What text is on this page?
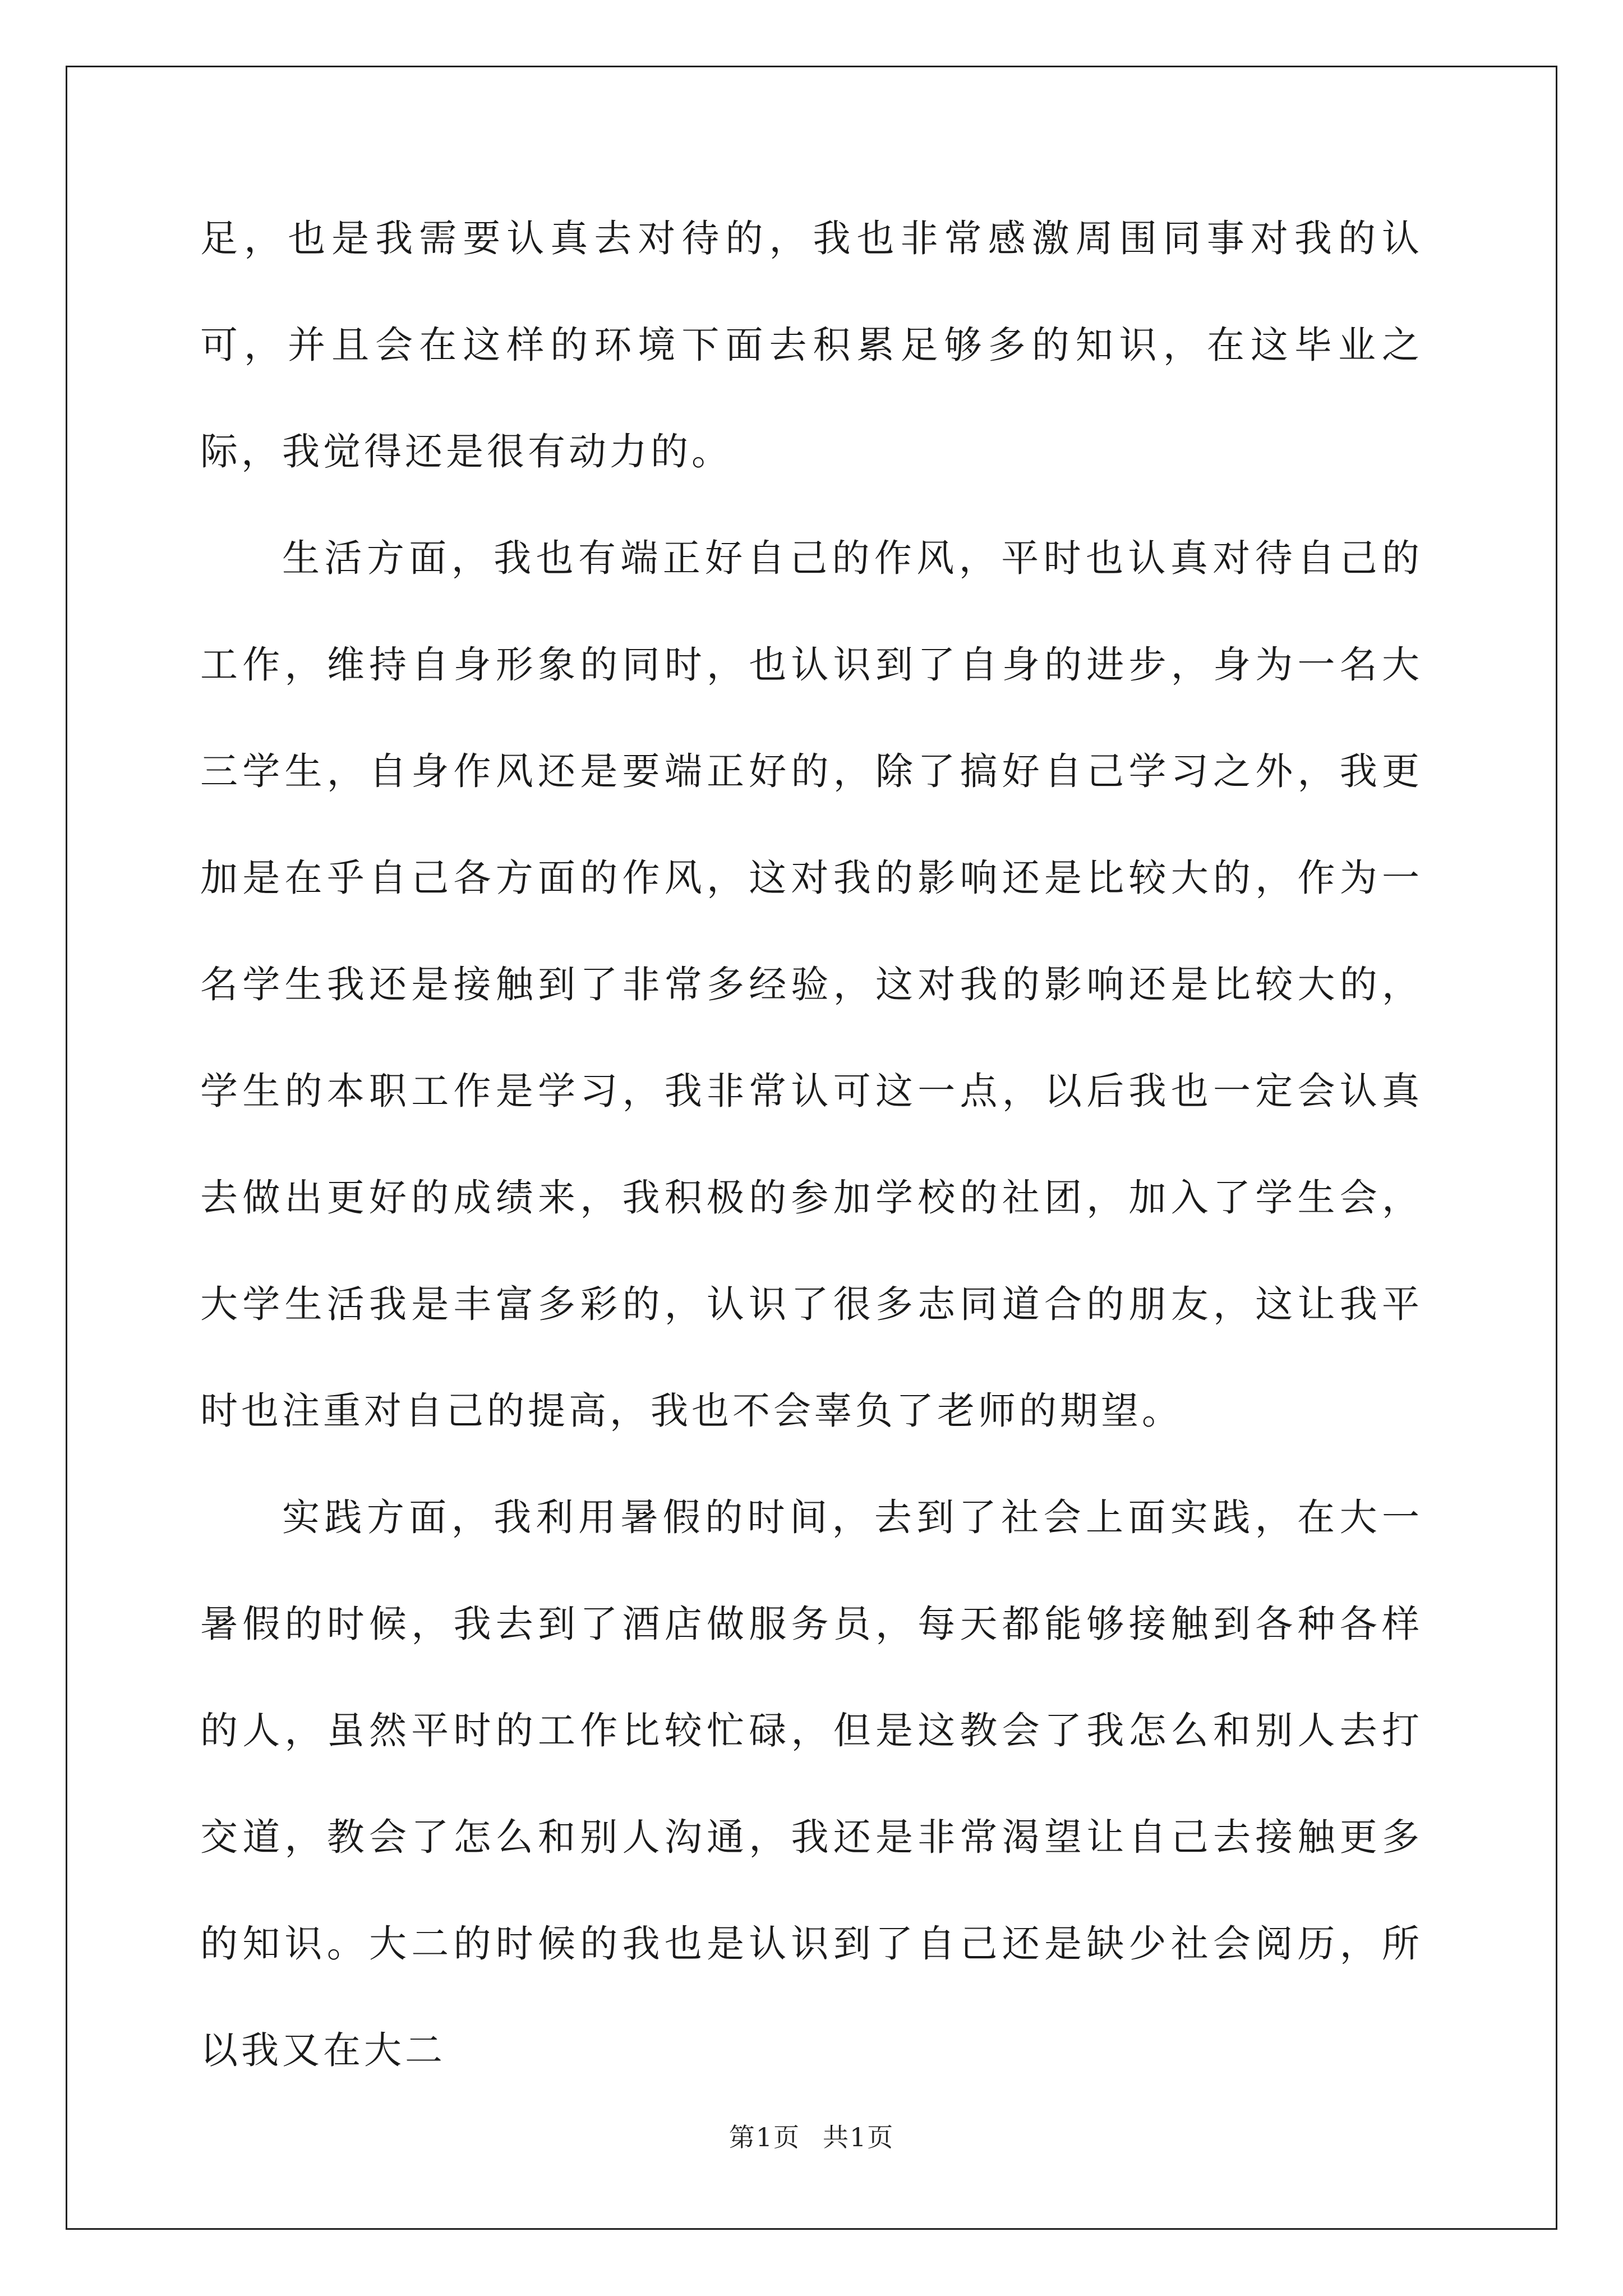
足，也是我需要认真去对待的，我也非常感激周围同事对我的认可，并且会在这样的环境下面去积累足够多的知识，在这毕业之际，我觉得还是很有动力的。

生活方面，我也有端正好自己的作风，平时也认真对待自己的工作，维持自身形象的同时，也认识到了自身的进步，身为一名大三学生，自身作风还是要端正好的，除了搞好自己学习之外，我更加是在乎自己各方面的作风，这对我的影响还是比较大的，作为一名学生我还是接触到了非常多经验，这对我的影响还是比较大的，学生的本职工作是学习，我非常认可这一点，以后我也一定会认真去做出更好的成绩来，我积极的参加学校的社团，加入了学生会，大学生活我是丰富多彩的，认识了很多志同道合的朋友，这让我平时也注重对自己的提高，我也不会辜负了老师的期望。

实践方面，我利用暑假的时间，去到了社会上面实践，在大一暑假的时候，我去到了酒店做服务员，每天都能够接触到各种各样的人，虽然平时的工作比较忙碌，但是这教会了我怎么和别人去打交道，教会了怎么和别人沟通，我还是非常渴望让自己去接触更多的知识。大二的时候的我也是认识到了自己还是缺少社会阅历，所以我又在大二

第1页 共1页
